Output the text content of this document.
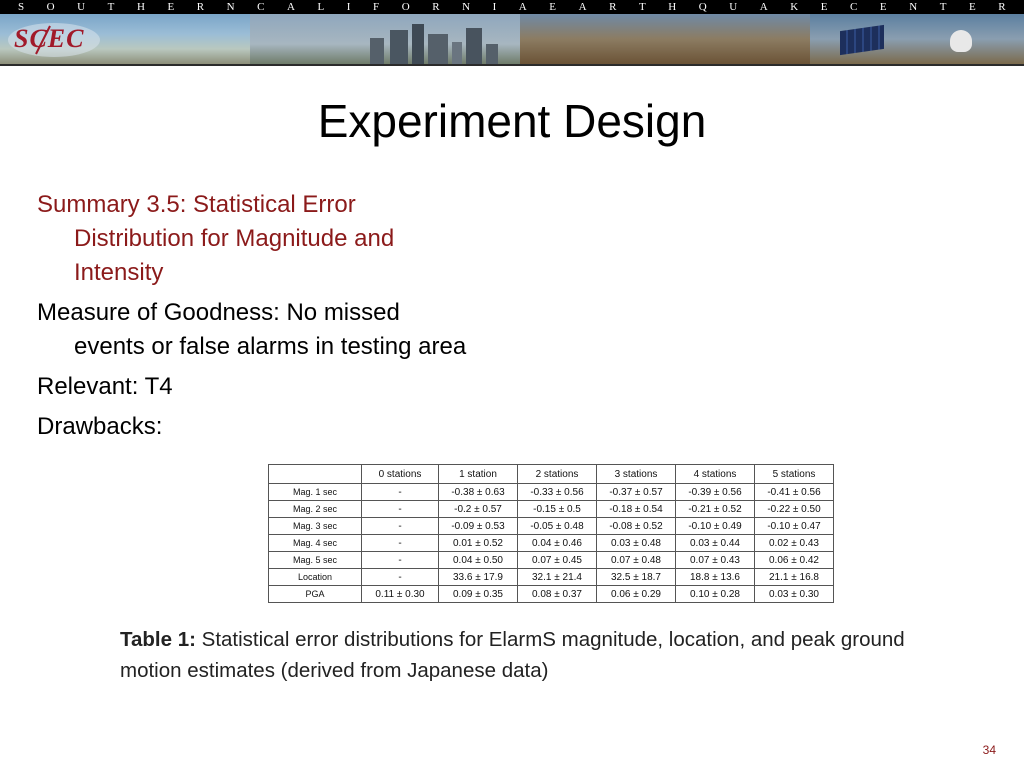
S O U T H E R N C A L I F O R N I A E A R T H Q U A K E C E N T E R
SCEC
Experiment Design
Summary 3.5: Statistical Error Distribution for Magnitude and Intensity
Measure of Goodness: No missed events or false alarms in testing area
Relevant: T4
Drawbacks:
	0 stations	1 station	2 stations	3 stations	4 stations	5 stations
Mag. 1 sec	-	-0.38 ± 0.63	-0.33 ± 0.56	-0.37 ± 0.57	-0.39 ± 0.56	-0.41 ± 0.56
Mag. 2 sec	-	-0.2 ± 0.57	-0.15 ± 0.5	-0.18 ± 0.54	-0.21 ± 0.52	-0.22 ± 0.50
Mag. 3 sec	-	-0.09 ± 0.53	-0.05 ± 0.48	-0.08 ± 0.52	-0.10 ± 0.49	-0.10 ± 0.47
Mag. 4 sec	-	0.01 ± 0.52	0.04 ± 0.46	0.03 ± 0.48	0.03 ± 0.44	0.02 ± 0.43
Mag. 5 sec	-	0.04 ± 0.50	0.07 ± 0.45	0.07 ± 0.48	0.07 ± 0.43	0.06 ± 0.42
Location	-	33.6 ± 17.9	32.1 ± 21.4	32.5 ± 18.7	18.8 ± 13.6	21.1 ± 16.8
PGA	0.11 ± 0.30	0.09 ± 0.35	0.08 ± 0.37	0.06 ± 0.29	0.10 ± 0.28	0.03 ± 0.30
Table 1: Statistical error distributions for ElarmS magnitude, location, and peak ground motion estimates (derived from Japanese data)
34
